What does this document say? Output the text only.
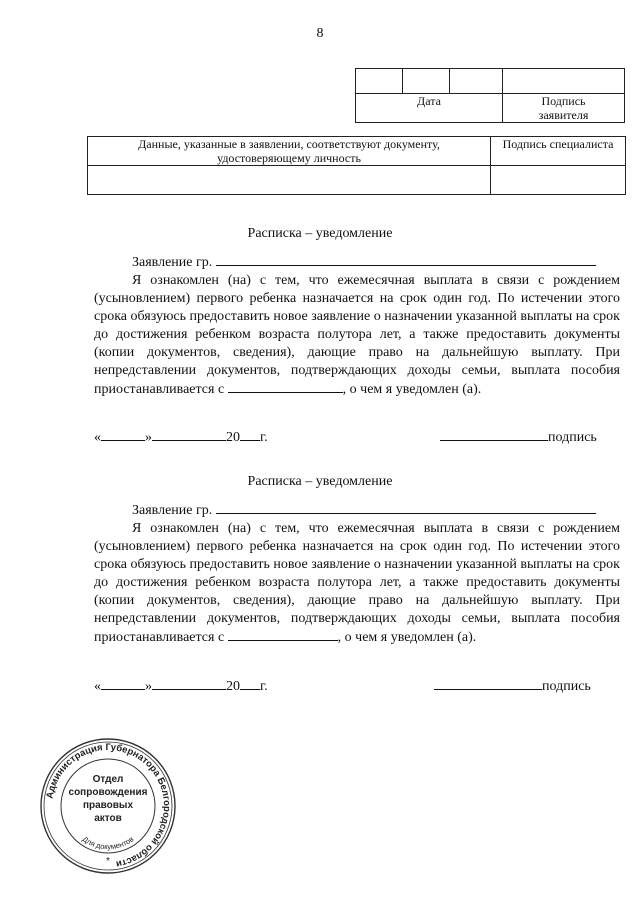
8

Дата			Подпись
заявителя
Данные, указанные в заявлении, соответствуют документу,
удостоверяющему личность	Подпись специалиста

Расписка – уведомление

Заявление гр.

Я ознакомлен (на) с тем, что ежемесячная выплата в связи с рождением (усыновлением) первого ребенка назначается на срок один год. По истечении этого срока обязуюсь предоставить новое заявление о назначении указанной выплаты на срок до достижения ребенком возраста полутора лет, а также предоставить документы (копии документов, сведения), дающие право на дальнейшую выплату. При непредставлении документов, подтверждающих доходы семьи, выплата пособия приостанавливается с	, о чем я уведомлен (а).

«	»	20 г.	подпись
Расписка – уведомление

Заявление гр.

Я ознакомлен (на) с тем, что ежемесячная выплата в связи с рождением (усыновлением) первого ребенка назначается на срок один год. По истечении этого срока обязуюсь предоставить новое заявление о назначении указанной выплаты на срок до достижения ребенком возраста полутора лет, а также предоставить документы (копии документов, сведения), дающие право на дальнейшую выплату. При непредставлении документов, подтверждающих доходы семьи, выплата пособия приостанавливается с	, о чем я уведомлен (а).

«	»	20 г.	подпись
Администрация Губернатора Белгородской области
Отдел
сопровождения
правовых
актов
Для документов
*
